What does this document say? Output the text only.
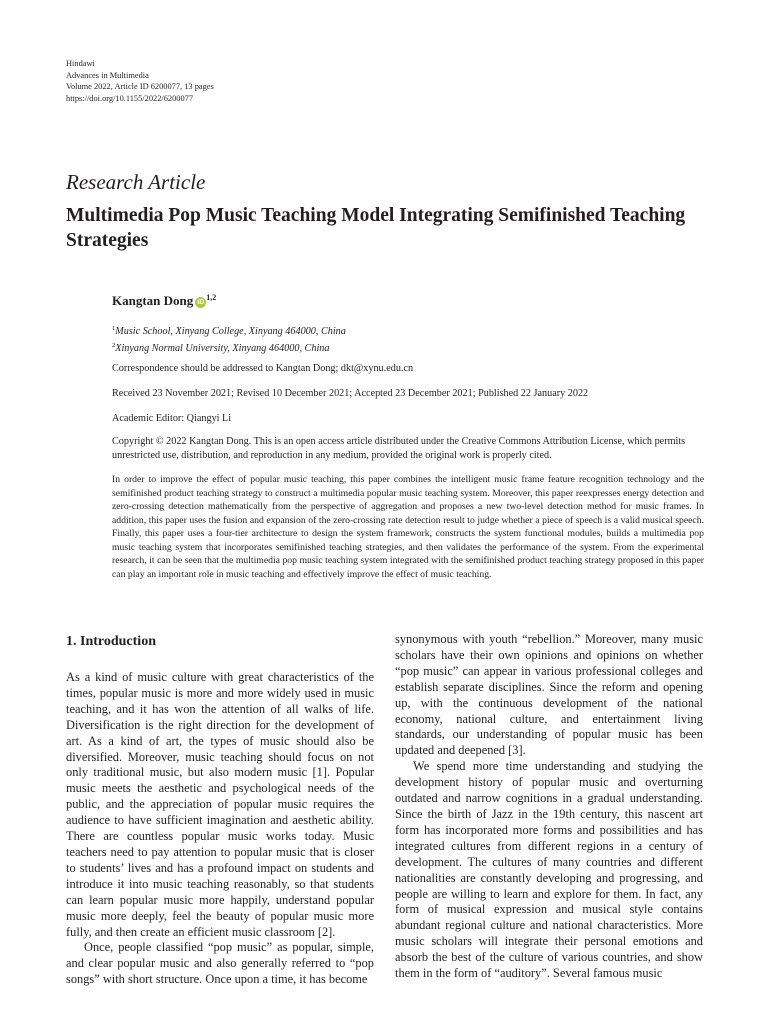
Hindawi
Advances in Multimedia
Volume 2022, Article ID 6200077, 13 pages
https://doi.org/10.1155/2022/6200077
Research Article
Multimedia Pop Music Teaching Model Integrating Semifinished Teaching Strategies
Kangtan Dong iD$^{1,2}$
$^1$Music School, Xinyang College, Xinyang 464000, China
$^2$Xinyang Normal University, Xinyang 464000, China
Correspondence should be addressed to Kangtan Dong; dkt@xynu.edu.cn
Received 23 November 2021; Revised 10 December 2021; Accepted 23 December 2021; Published 22 January 2022
Academic Editor: Qiangyi Li
Copyright © 2022 Kangtan Dong. This is an open access article distributed under the Creative Commons Attribution License, which permits unrestricted use, distribution, and reproduction in any medium, provided the original work is properly cited.
In order to improve the effect of popular music teaching, this paper combines the intelligent music frame feature recognition technology and the semifinished product teaching strategy to construct a multimedia popular music teaching system. Moreover, this paper reexpresses energy detection and zero-crossing detection mathematically from the perspective of aggregation and proposes a new two-level detection method for music frames. In addition, this paper uses the fusion and expansion of the zero-crossing rate detection result to judge whether a piece of speech is a valid musical speech. Finally, this paper uses a four-tier architecture to design the system framework, constructs the system functional modules, builds a multimedia pop music teaching system that incorporates semifinished teaching strategies, and then validates the performance of the system. From the experimental research, it can be seen that the multimedia pop music teaching system integrated with the semifinished product teaching strategy proposed in this paper can play an important role in music teaching and effectively improve the effect of music teaching.
1. Introduction

As a kind of music culture with great characteristics of the times, popular music is more and more widely used in music teaching, and it has won the attention of all walks of life. Diversification is the right direction for the development of art. As a kind of art, the types of music should also be diversified. Moreover, music teaching should focus on not only traditional music, but also modern music [1]. Popular music meets the aesthetic and psychological needs of the public, and the appreciation of popular music requires the audience to have sufficient imagination and aesthetic ability. There are countless popular music works today. Music teachers need to pay attention to popular music that is closer to students’ lives and has a profound impact on students and introduce it into music teaching reasonably, so that students can learn popular music more happily, understand popular music more deeply, feel the beauty of popular music more fully, and then create an efficient music classroom [2].

Once, people classified “pop music” as popular, simple, and clear popular music and also generally referred to “pop songs” with short structure. Once upon a time, it has become

synonymous with youth “rebellion.” Moreover, many music scholars have their own opinions and opinions on whether “pop music” can appear in various professional colleges and establish separate disciplines. Since the reform and opening up, with the continuous development of the national economy, national culture, and entertainment living standards, our understanding of popular music has been updated and deepened [3].

We spend more time understanding and studying the development history of popular music and overturning outdated and narrow cognitions in a gradual understanding. Since the birth of Jazz in the 19th century, this nascent art form has incorporated more forms and possibilities and has integrated cultures from different regions in a century of development. The cultures of many countries and different nationalities are constantly developing and progressing, and people are willing to learn and explore for them. In fact, any form of musical expression and musical style contains abundant regional culture and national characteristics. More music scholars will integrate their personal emotions and absorb the best of the culture of various countries, and show them in the form of “auditory”. Several famous music
